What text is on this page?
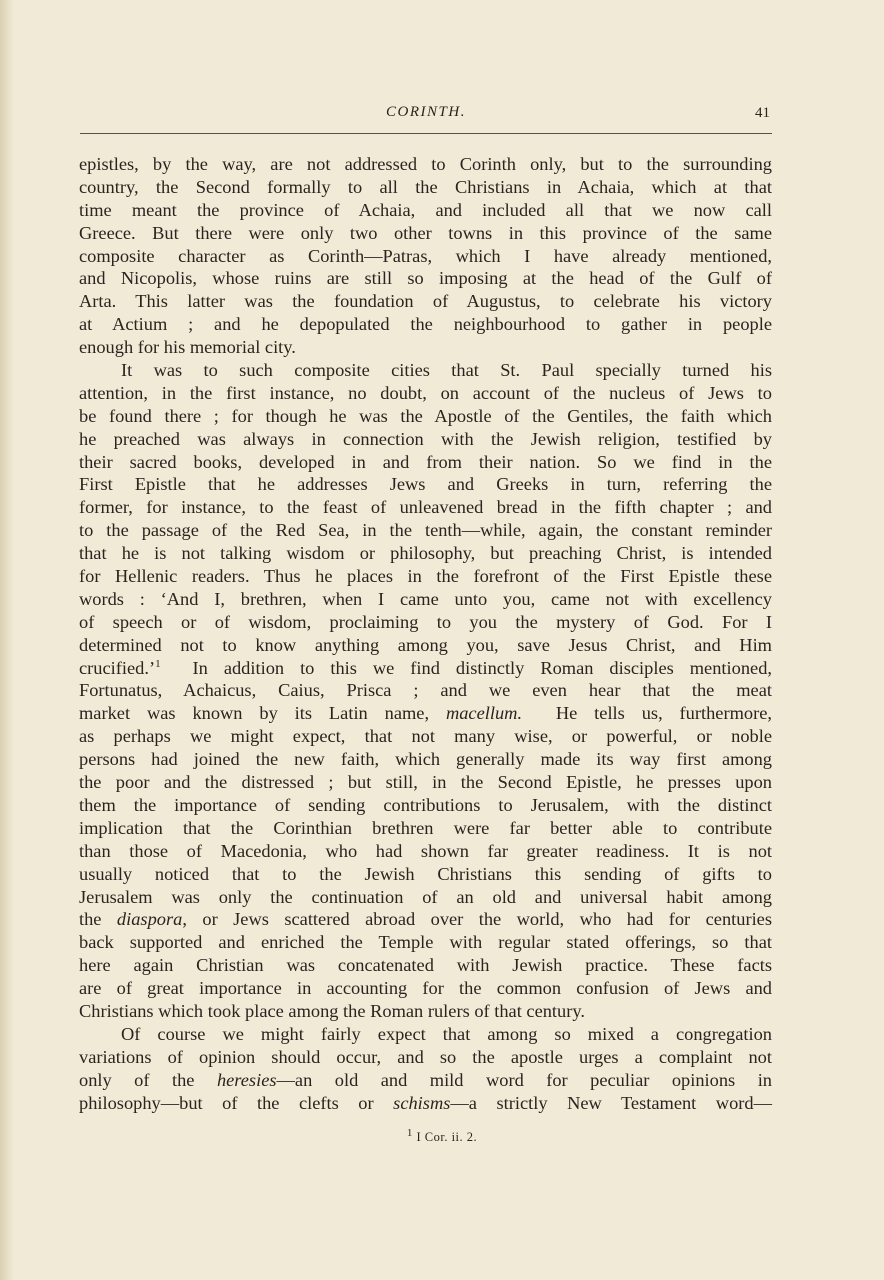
CORINTH.	41
epistles, by the way, are not addressed to Corinth only, but to the surrounding
country, the Second formally to all the Christians in Achaia, which at that
time meant the province of Achaia, and included all that we now call
Greece. But there were only two other towns in this province of the same
composite character as Corinth—Patras, which I have already mentioned,
and Nicopolis, whose ruins are still so imposing at the head of the Gulf of
Arta. This latter was the foundation of Augustus, to celebrate his victory
at Actium ; and he depopulated the neighbourhood to gather in people
enough for his memorial city.
It was to such composite cities that St. Paul specially turned his
attention, in the first instance, no doubt, on account of the nucleus of Jews to
be found there ; for though he was the Apostle of the Gentiles, the faith which
he preached was always in connection with the Jewish religion, testified by
their sacred books, developed in and from their nation. So we find in the
First Epistle that he addresses Jews and Greeks in turn, referring the
former, for instance, to the feast of unleavened bread in the fifth chapter ; and
to the passage of the Red Sea, in the tenth—while, again, the constant reminder
that he is not talking wisdom or philosophy, but preaching Christ, is intended
for Hellenic readers. Thus he places in the forefront of the First Epistle these
words : ‘And I, brethren, when I came unto you, came not with excellency
of speech or of wisdom, proclaiming to you the mystery of God. For I
determined not to know anything among you, save Jesus Christ, and Him
crucified.’$^1$ In addition to this we find distinctly Roman disciples mentioned,
Fortunatus, Achaicus, Caius, Prisca ; and we even hear that the meat
market was known by its Latin name, macellum. He tells us, furthermore,
as perhaps we might expect, that not many wise, or powerful, or noble
persons had joined the new faith, which generally made its way first among
the poor and the distressed ; but still, in the Second Epistle, he presses upon
them the importance of sending contributions to Jerusalem, with the distinct
implication that the Corinthian brethren were far better able to contribute
than those of Macedonia, who had shown far greater readiness. It is not
usually noticed that to the Jewish Christians this sending of gifts to
Jerusalem was only the continuation of an old and universal habit among
the diaspora, or Jews scattered abroad over the world, who had for centuries
back supported and enriched the Temple with regular stated offerings, so that
here again Christian was concatenated with Jewish practice. These facts
are of great importance in accounting for the common confusion of Jews and
Christians which took place among the Roman rulers of that century.
Of course we might fairly expect that among so mixed a congregation
variations of opinion should occur, and so the apostle urges a complaint not
only of the heresies—an old and mild word for peculiar opinions in
philosophy—but of the clefts or schisms—a strictly New Testament word—
1 I Cor. ii. 2.
